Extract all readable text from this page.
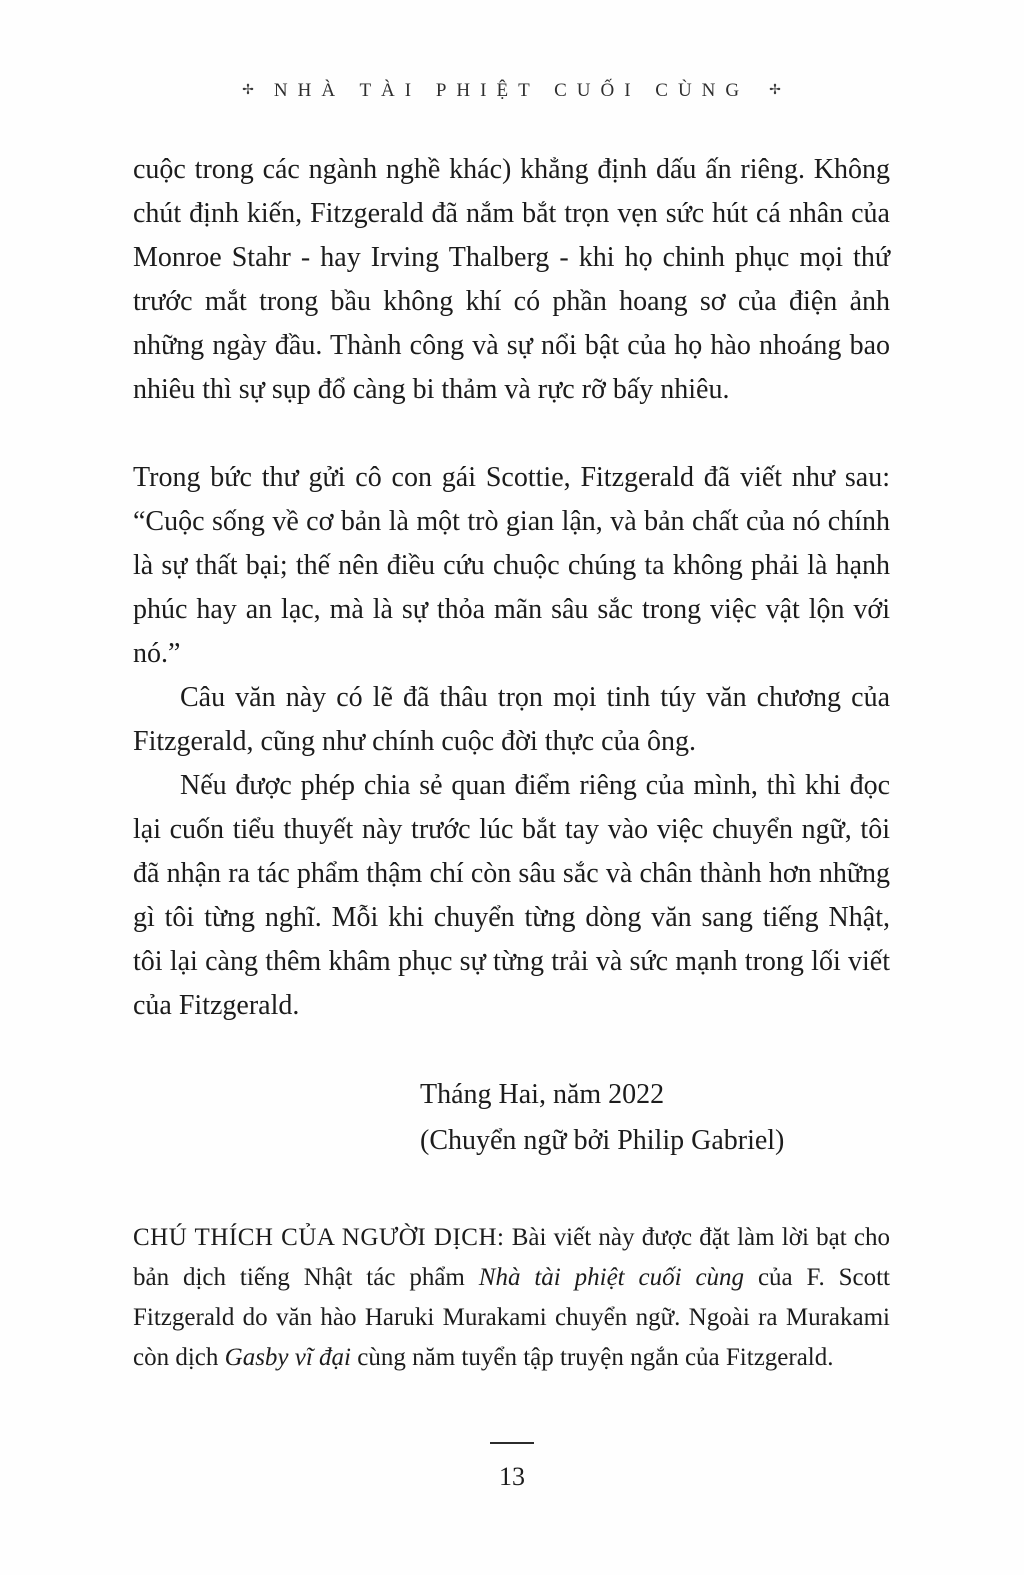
✢ NHÀ TÀI PHIỆT CUỐI CÙNG ✢

cuộc trong các ngành nghề khác) khẳng định dấu ấn riêng. Không chút định kiến, Fitzgerald đã nắm bắt trọn vẹn sức hút cá nhân của Monroe Stahr - hay Irving Thalberg - khi họ chinh phục mọi thứ trước mắt trong bầu không khí có phần hoang sơ của điện ảnh những ngày đầu. Thành công và sự nổi bật của họ hào nhoáng bao nhiêu thì sự sụp đổ càng bi thảm và rực rỡ bấy nhiêu.

Trong bức thư gửi cô con gái Scottie, Fitzgerald đã viết như sau: “Cuộc sống về cơ bản là một trò gian lận, và bản chất của nó chính là sự thất bại; thế nên điều cứu chuộc chúng ta không phải là hạnh phúc hay an lạc, mà là sự thỏa mãn sâu sắc trong việc vật lộn với nó.”

Câu văn này có lẽ đã thâu trọn mọi tinh túy văn chương của Fitzgerald, cũng như chính cuộc đời thực của ông.

Nếu được phép chia sẻ quan điểm riêng của mình, thì khi đọc lại cuốn tiểu thuyết này trước lúc bắt tay vào việc chuyển ngữ, tôi đã nhận ra tác phẩm thậm chí còn sâu sắc và chân thành hơn những gì tôi từng nghĩ. Mỗi khi chuyển từng dòng văn sang tiếng Nhật, tôi lại càng thêm khâm phục sự từng trải và sức mạnh trong lối viết của Fitzgerald.

Tháng Hai, năm 2022

(Chuyển ngữ bởi Philip Gabriel)

CHÚ THÍCH CỦA NGƯỜI DỊCH: Bài viết này được đặt làm lời bạt cho bản dịch tiếng Nhật tác phẩm Nhà tài phiệt cuối cùng của F. Scott Fitzgerald do văn hào Haruki Murakami chuyển ngữ. Ngoài ra Murakami còn dịch Gasby vĩ đại cùng năm tuyển tập truyện ngắn của Fitzgerald.

13
